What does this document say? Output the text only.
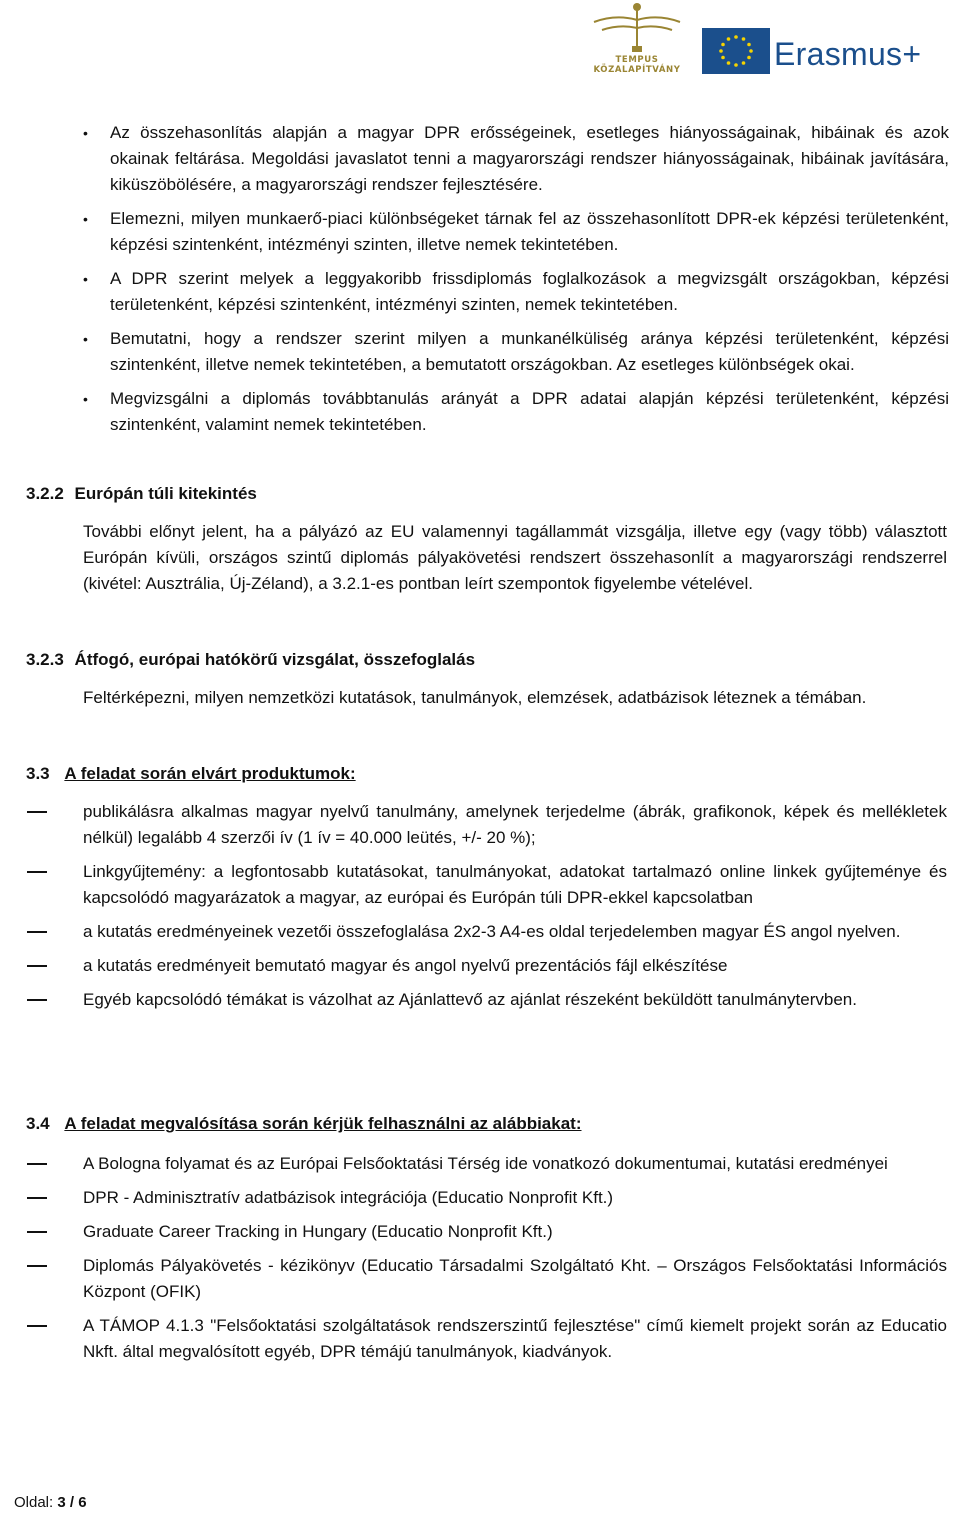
TEMPUS KÖZALAPÍTVÁNY	Erasmus+
• Az összehasonlítás alapján a magyar DPR erősségeinek, esetleges hiányosságainak, hibáinak és azok okainak feltárása. Megoldási javaslatot tenni a magyarországi rendszer hiányosságainak, hibáinak javítására, kiküszöbölésére, a magyarországi rendszer fejlesztésére.
• Elemezni, milyen munkaerő-piaci különbségeket tárnak fel az összehasonlított DPR-ek képzési területenként, képzési szintenként, intézményi szinten, illetve nemek tekintetében.
• A DPR szerint melyek a leggyakoribb frissdiplomás foglalkozások a megvizsgált országokban, képzési területenként, képzési szintenként, intézményi szinten, nemek tekintetében.
• Bemutatni, hogy a rendszer szerint milyen a munkanélküliség aránya képzési területenként, képzési szintenként, illetve nemek tekintetében, a bemutatott országokban. Az esetleges különbségek okai.
• Megvizsgálni a diplomás továbbtanulás arányát a DPR adatai alapján képzési területenként, képzési szintenként, valamint nemek tekintetében.
3.2.2 Európán túli kitekintés

További előnyt jelent, ha a pályázó az EU valamennyi tagállammát vizsgálja, illetve egy (vagy több) választott Európán kívüli, országos szintű diplomás pályakövetési rendszert összehasonlít a magyarországi rendszerrel (kivétel: Ausztrália, Új-Zéland), a 3.2.1-es pontban leírt szempontok figyelembe vételével.

3.2.3 Átfogó, európai hatókörű vizsgálat, összefoglalás

Feltérképezni, milyen nemzetközi kutatások, tanulmányok, elemzések, adatbázisok léteznek a témában.

3.3 A feladat során elvárt produktumok:
publikálásra alkalmas magyar nyelvű tanulmány, amelynek terjedelme (ábrák, grafikonok, képek és mellékletek nélkül) legalább 4 szerzői ív (1 ív = 40.000 leütés, +/- 20 %);
Linkgyűjtemény: a legfontosabb kutatásokat, tanulmányokat, adatokat tartalmazó online linkek gyűjteménye és kapcsolódó magyarázatok a magyar, az európai és Európán túli DPR-ekkel kapcsolatban
a kutatás eredményeinek vezetői összefoglalása 2x2-3 A4-es oldal terjedelemben magyar ÉS angol nyelven.
a kutatás eredményeit bemutató magyar és angol nyelvű prezentációs fájl elkészítése
Egyéb kapcsolódó témákat is vázolhat az Ajánlattevő az ajánlat részeként beküldött tanulmánytervben.
3.4 A feladat megvalósítása során kérjük felhasználni az alábbiakat:
A Bologna folyamat és az Európai Felsőoktatási Térség ide vonatkozó dokumentumai, kutatási eredményei
DPR - Adminisztratív adatbázisok integrációja (Educatio Nonprofit Kft.)
Graduate Career Tracking in Hungary (Educatio Nonprofit Kft.)
Diplomás Pályakövetés - kézikönyv (Educatio Társadalmi Szolgáltató Kht. – Országos Felsőoktatási Információs Központ (OFIK)
A TÁMOP 4.1.3 "Felsőoktatási szolgáltatások rendszerszintű fejlesztése" című kiemelt projekt során az Educatio Nkft. által megvalósított egyéb, DPR témájú tanulmányok, kiadványok.
Oldal: 3 / 6
